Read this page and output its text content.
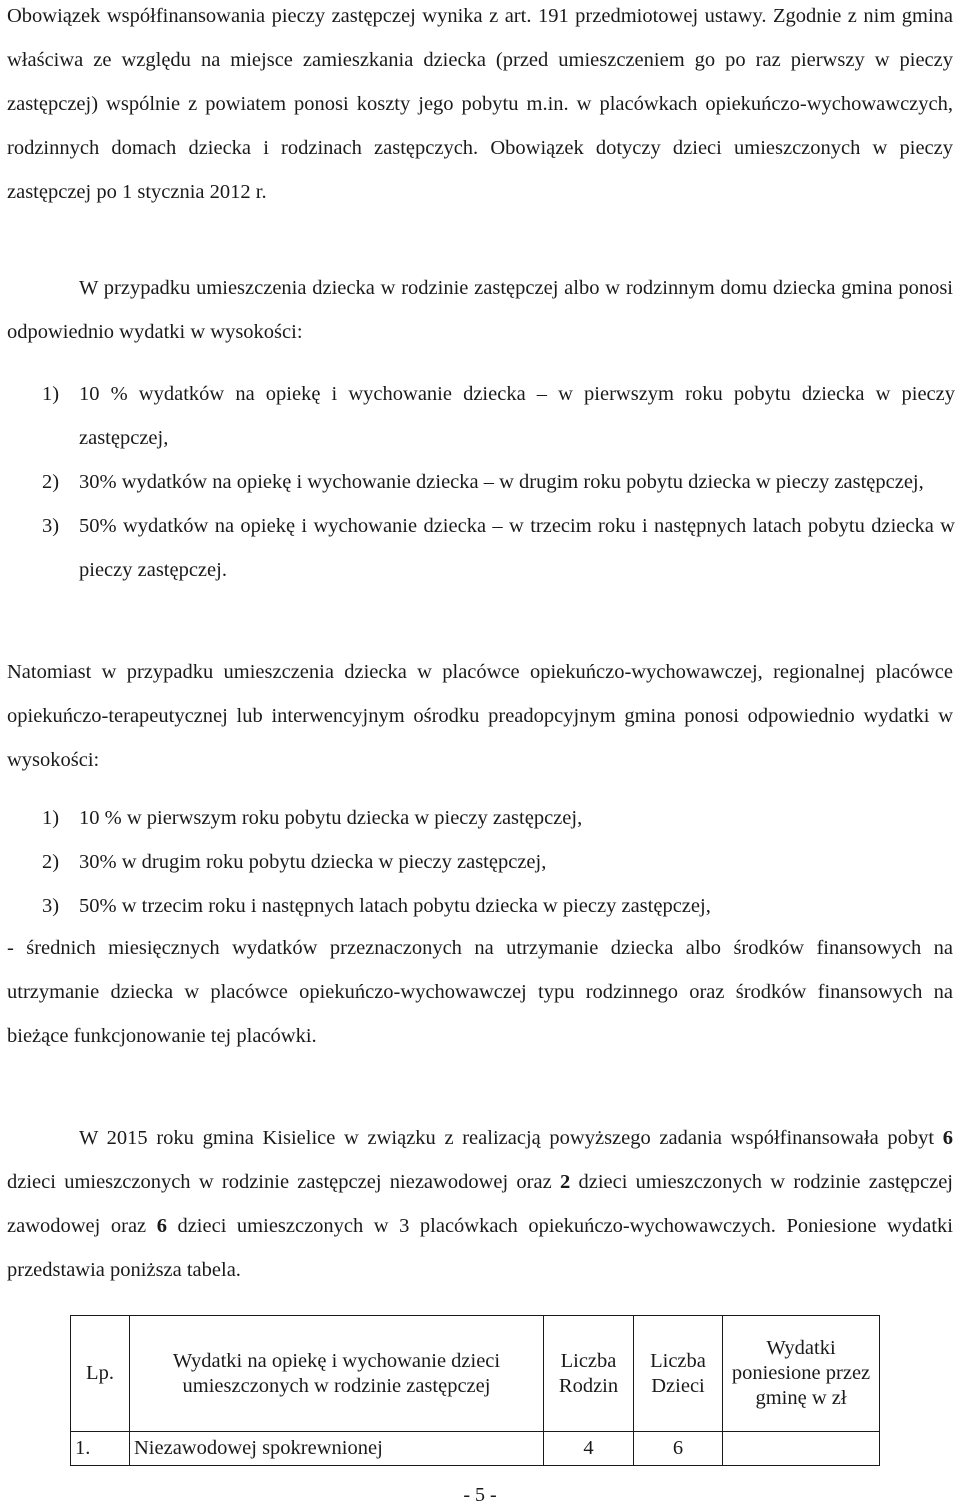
Obowiązek współfinansowania pieczy zastępczej wynika z art. 191 przedmiotowej ustawy. Zgodnie z nim gmina właściwa ze względu na miejsce zamieszkania dziecka (przed umieszczeniem go po raz pierwszy w pieczy zastępczej) wspólnie z powiatem ponosi koszty jego pobytu m.in. w placówkach opiekuńczo-wychowawczych, rodzinnych domach dziecka i rodzinach zastępczych. Obowiązek dotyczy dzieci umieszczonych w pieczy zastępczej po 1 stycznia 2012 r.

W przypadku umieszczenia dziecka w rodzinie zastępczej albo w rodzinnym domu dziecka gmina ponosi odpowiednio wydatki w wysokości:

1) 10 % wydatków na opiekę i wychowanie dziecka – w pierwszym roku pobytu dziecka w pieczy zastępczej,
2) 30% wydatków na opiekę i wychowanie dziecka – w drugim roku pobytu dziecka w pieczy zastępczej,
3) 50% wydatków na opiekę i wychowanie dziecka – w trzecim roku i następnych latach pobytu dziecka w pieczy zastępczej.

Natomiast w przypadku umieszczenia dziecka w placówce opiekuńczo-wychowawczej, regionalnej placówce opiekuńczo-terapeutycznej lub interwencyjnym ośrodku preadopcyjnym gmina ponosi odpowiednio wydatki w wysokości:

1) 10 % w pierwszym roku pobytu dziecka w pieczy zastępczej,
2) 30% w drugim roku pobytu dziecka w pieczy zastępczej,
3) 50% w trzecim roku i następnych latach pobytu dziecka w pieczy zastępczej,

- średnich miesięcznych wydatków przeznaczonych na utrzymanie dziecka albo środków finansowych na utrzymanie dziecka w placówce opiekuńczo-wychowawczej typu rodzinnego oraz środków finansowych na bieżące funkcjonowanie tej placówki.

W 2015 roku gmina Kisielice w związku z realizacją powyższego zadania współfinansowała pobyt 6 dzieci umieszczonych w rodzinie zastępczej niezawodowej oraz 2 dzieci umieszczonych w rodzinie zastępczej zawodowej oraz 6 dzieci umieszczonych w 3 placówkach opiekuńczo-wychowawczych. Poniesione wydatki przedstawia poniższa tabela.

Lp.	Wydatki na opiekę i wychowanie dzieci umieszczonych w rodzinie zastępczej	Liczba Rodzin	Liczba Dzieci	Wydatki poniesione przez gminę w zł
1.	Niezawodowej spokrewnionej	4	6	
- 5 -
